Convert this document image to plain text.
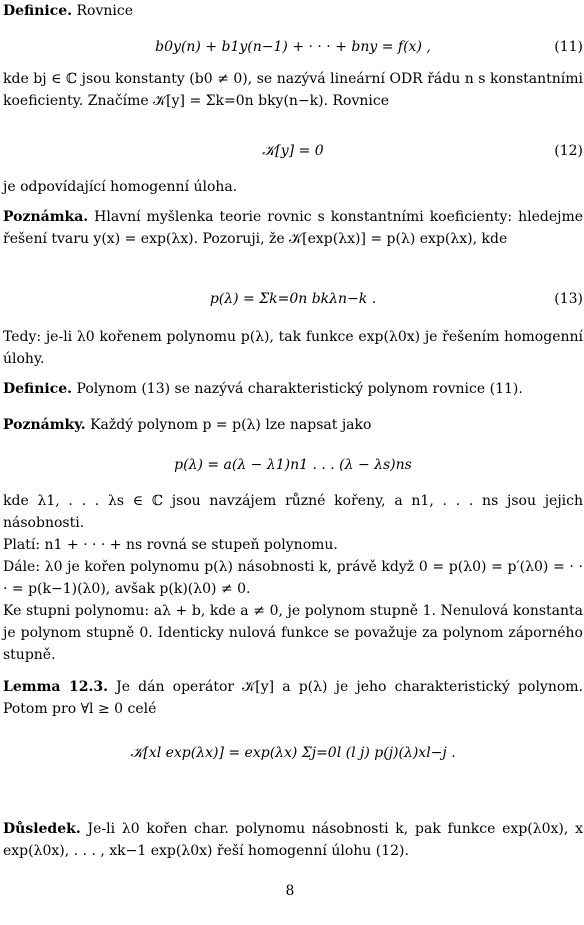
Definice. Rovnice

b0y(n) + b1y(n−1) + · · · + bny = f(x) ,	(11)

kde bj ∈ ℂ jsou konstanty (b0 ≠ 0), se nazývá lineární ODR řádu n s konstantními koeficienty. Značíme 𝒦[y] = Σk=0n bky(n−k). Rovnice

𝒦[y] = 0	(12)

je odpovídající homogenní úloha.

Poznámka. Hlavní myšlenka teorie rovnic s konstantními koeficienty: hledejme řešení tvaru y(x) = exp(λx). Pozoruji, že 𝒦[exp(λx)] = p(λ) exp(λx), kde

p(λ) = Σk=0n bkλn−k .	(13)

Tedy: je-li λ0 kořenem polynomu p(λ), tak funkce exp(λ0x) je řešením homogenní úlohy.

Definice. Polynom (13) se nazývá charakteristický polynom rovnice (11).

Poznámky. Každý polynom p = p(λ) lze napsat jako

p(λ) = a(λ − λ1)n1 . . . (λ − λs)ns

kde λ1, . . . λs ∈ ℂ jsou navzájem různé kořeny, a n1, . . . ns jsou jejich násobnosti.

Platí: n1 + · · · + ns rovná se stupeň polynomu.

Dále: λ0 je kořen polynomu p(λ) násobnosti k, právě když 0 = p(λ0) = p′(λ0) = · · · = p(k−1)(λ0), avšak p(k)(λ0) ≠ 0.

Ke stupni polynomu: aλ + b, kde a ≠ 0, je polynom stupně 1. Nenulová konstanta je polynom stupně 0. Identicky nulová funkce se považuje za polynom záporného stupně.

Lemma 12.3. Je dán operátor 𝒦[y] a p(λ) je jeho charakteristický polynom. Potom pro ∀l ≥ 0 celé

𝒦[xl exp(λx)] = exp(λx) Σj=0l (l j) p(j)(λ)xl−j .

Důsledek. Je-li λ0 kořen char. polynomu násobnosti k, pak funkce exp(λ0x), x exp(λ0x), . . . , xk−1 exp(λ0x) řeší homogenní úlohu (12).

8
